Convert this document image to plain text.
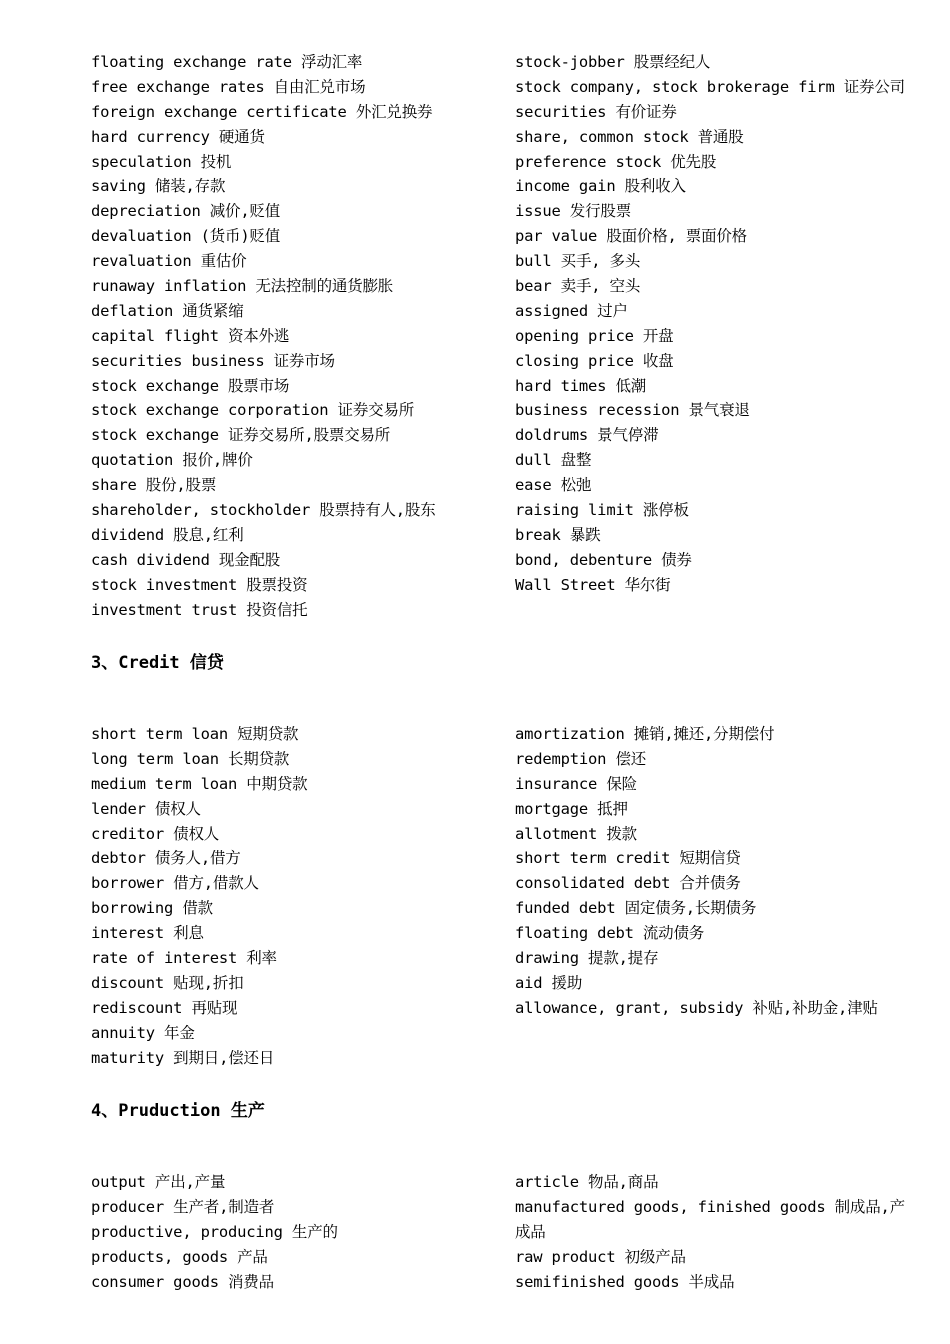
floating exchange rate 浮动汇率
free exchange rates 自由汇兑市场
foreign exchange certificate 外汇兑换券
hard currency 硬通货
speculation 投机
saving 储装,存款
depreciation 减价,贬值
devaluation (货币)贬值
revaluation 重估价
runaway inflation 无法控制的通货膨胀
deflation 通货紧缩
capital flight 资本外逃
securities business 证券市场
stock exchange 股票市场
stock exchange corporation 证券交易所
stock exchange 证券交易所,股票交易所
quotation 报价,牌价
share 股份,股票
shareholder, stockholder 股票持有人,股东
dividend 股息,红利
cash dividend 现金配股
stock investment 股票投资
investment trust 投资信托
stock-jobber 股票经纪人
stock company, stock brokerage firm 证券公司
securities 有价证券
share, common stock 普通股
preference stock 优先股
income gain 股利收入
issue 发行股票
par value 股面价格, 票面价格
bull 买手, 多头
bear 卖手, 空头
assigned 过户
opening price 开盘
closing price 收盘
hard times 低潮
business recession 景气衰退
doldrums 景气停滞
dull 盘整
ease 松弛
raising limit 涨停板
break 暴跌
bond, debenture 债券
Wall Street 华尔街
3、Credit 信贷
short term loan 短期贷款
long term loan 长期贷款
medium term loan 中期贷款
lender 债权人
creditor 债权人
debtor 债务人,借方
borrower 借方,借款人
borrowing 借款
interest 利息
rate of interest 利率
discount 贴现,折扣
rediscount 再贴现
annuity 年金
maturity 到期日,偿还日
amortization 摊销,摊还,分期偿付
redemption 偿还
insurance 保险
mortgage 抵押
allotment 拨款
short term credit 短期信贷
consolidated debt 合并债务
funded debt 固定债务,长期债务
floating debt 流动债务
drawing 提款,提存
aid 援助
allowance, grant, subsidy 补贴,补助金,津贴
4、Pruduction 生产
output 产出,产量
producer 生产者,制造者
productive, producing 生产的
products, goods 产品
consumer goods 消费品
article 物品,商品
manufactured goods, finished goods 制成品,产成品
raw product 初级产品
semifinished goods 半成品
